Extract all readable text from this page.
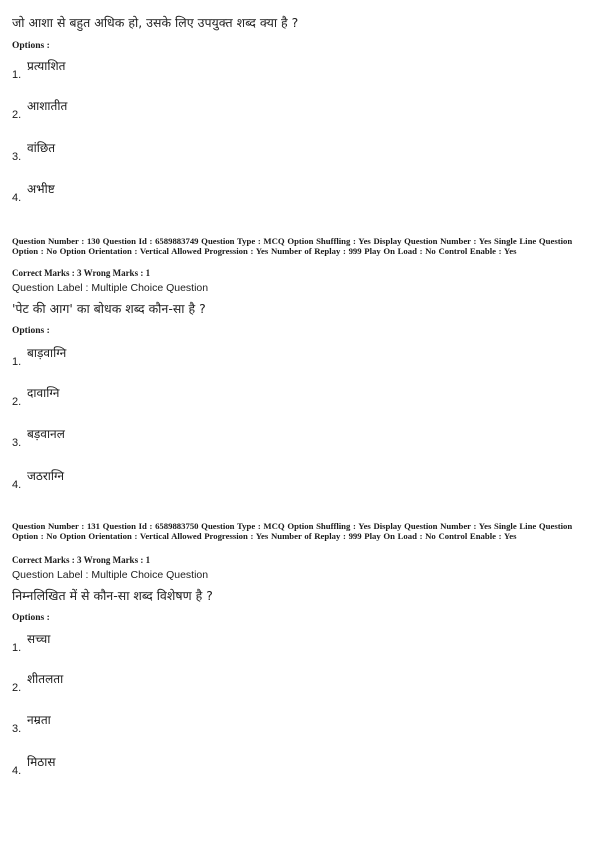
जो आशा से बहुत अधिक हो, उसके लिए उपयुक्त शब्द क्या है ?
Options :
1.
प्रत्याशित
2.
आशातीत
3.
वांछित
4.
अभीष्ट
Question Number : 130 Question Id : 6589883749 Question Type : MCQ Option Shuffling : Yes Display Question Number : Yes Single Line Question Option : No Option Orientation : Vertical Allowed Progression : Yes Number of Replay : 999 Play On Load : No Control Enable : Yes
Correct Marks : 3 Wrong Marks : 1
Question Label : Multiple Choice Question
'पेट की आग' का बोधक शब्द कौन-सा है ?
Options :
1.
बाड़वाग्नि
2.
दावाग्नि
3.
बड़वानल
4.
जठराग्नि
Question Number : 131 Question Id : 6589883750 Question Type : MCQ Option Shuffling : Yes Display Question Number : Yes Single Line Question Option : No Option Orientation : Vertical Allowed Progression : Yes Number of Replay : 999 Play On Load : No Control Enable : Yes
Correct Marks : 3 Wrong Marks : 1
Question Label : Multiple Choice Question
निम्नलिखित में से कौन-सा शब्द विशेषण है ?
Options :
1.
सच्चा
2.
शीतलता
3.
नम्रता
4.
मिठास
